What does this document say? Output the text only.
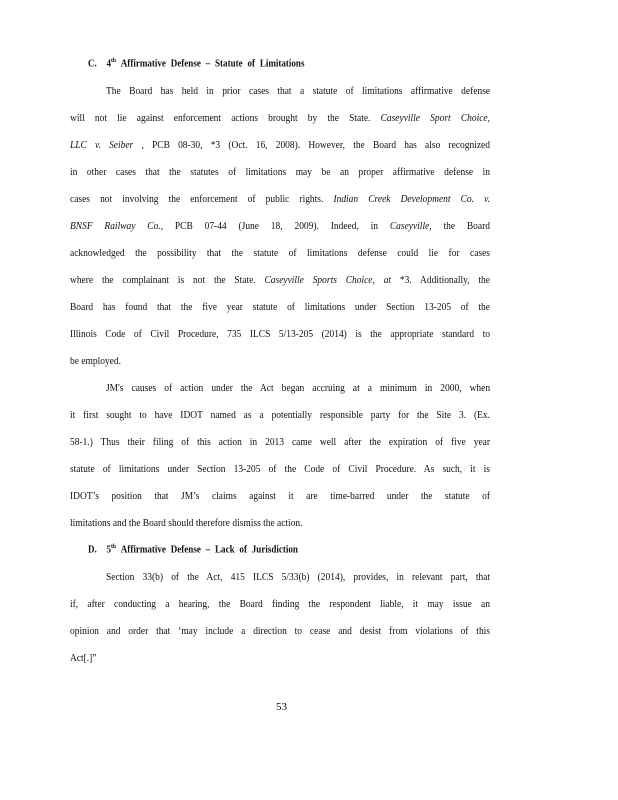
C. 4th Affirmative Defense – Statute of Limitations
The Board has held in prior cases that a statute of limitations affirmative defense
will not lie against enforcement actions brought by the State. Caseyville Sport Choice,
LLC v. Seiber , PCB 08-30, *3 (Oct. 16, 2008). However, the Board has also recognized
in other cases that the statutes of limitations may be an proper affirmative defense in
cases not involving the enforcement of public rights. Indian Creek Development Co. v.
BNSF Railway Co., PCB 07-44 (June 18, 2009). Indeed, in Caseyville, the Board
acknowledged the possibility that the statute of limitations defense could lie for cases
where the complainant is not the State. Caseyville Sports Choice, at *3. Additionally, the
Board has found that the five year statute of limitations under Section 13-205 of the
Illinois Code of Civil Procedure, 735 ILCS 5/13-205 (2014) is the appropriate standard to
be employed.
JM's causes of action under the Act began accruing at a minimum in 2000, when
it first sought to have IDOT named as a potentially responsible party for the Site 3. (Ex.
58-1.) Thus their filing of this action in 2013 came well after the expiration of five year
statute of limitations under Section 13-205 of the Code of Civil Procedure. As such, it is
IDOT’s position that JM’s claims against it are time-barred under the statute of
limitations and the Board should therefore dismiss the action.
Section 33(b) of the Act, 415 ILCS 5/33(b) (2014), provides, in relevant part, that
if, after conducting a hearing, the Board finding the respondent liable, it may issue an
opinion and order that ‘may include a direction to cease and desist from violations of this
Act[.]”
D. 5th Affirmative Defense – Lack of Jurisdiction
53
